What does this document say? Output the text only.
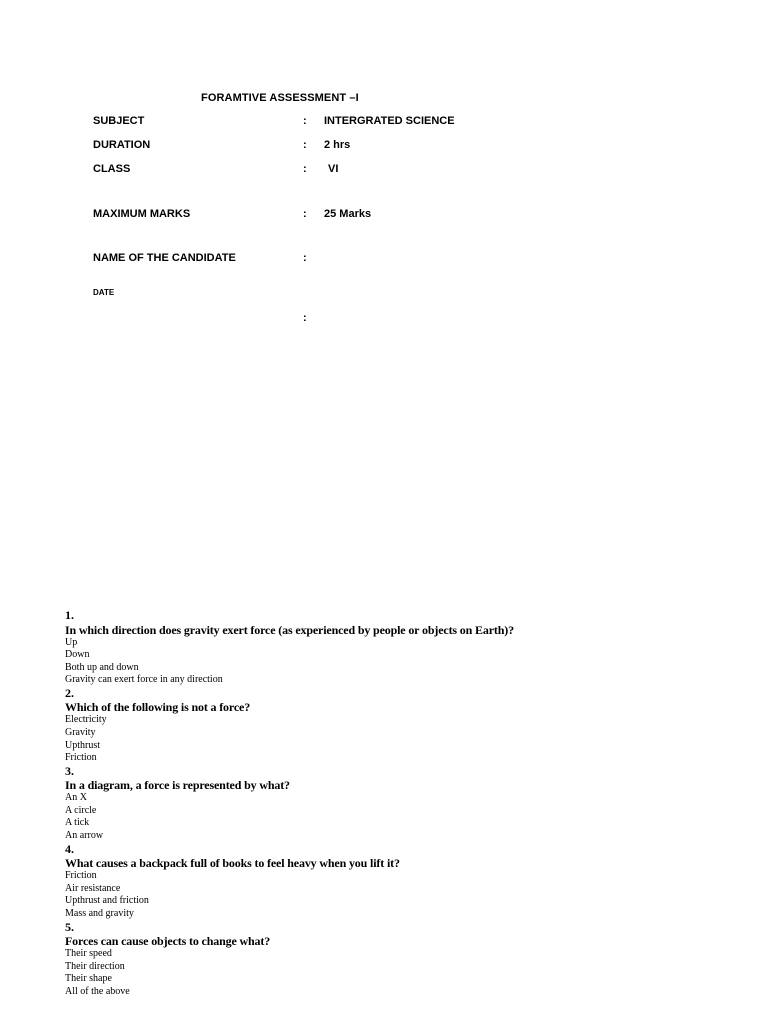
FORAMTIVE ASSESSMENT –I
SUBJECT	: INTERGRATED SCIENCE
DURATION	: 2 hrs
CLASS	: VI
MAXIMUM MARKS	: 25 Marks
NAME OF THE CANDIDATE	:
DATE
:
1.
In which direction does gravity exert force (as experienced by people or objects on Earth)?
Up
Down
Both up and down
Gravity can exert force in any direction
2.
Which of the following is not a force?
Electricity
Gravity
Upthrust
Friction
3.
In a diagram, a force is represented by what?
An X
A circle
A tick
An arrow
4.
What causes a backpack full of books to feel heavy when you lift it?
Friction
Air resistance
Upthrust and friction
Mass and gravity
5.
Forces can cause objects to change what?
Their speed
Their direction
Their shape
All of the above
